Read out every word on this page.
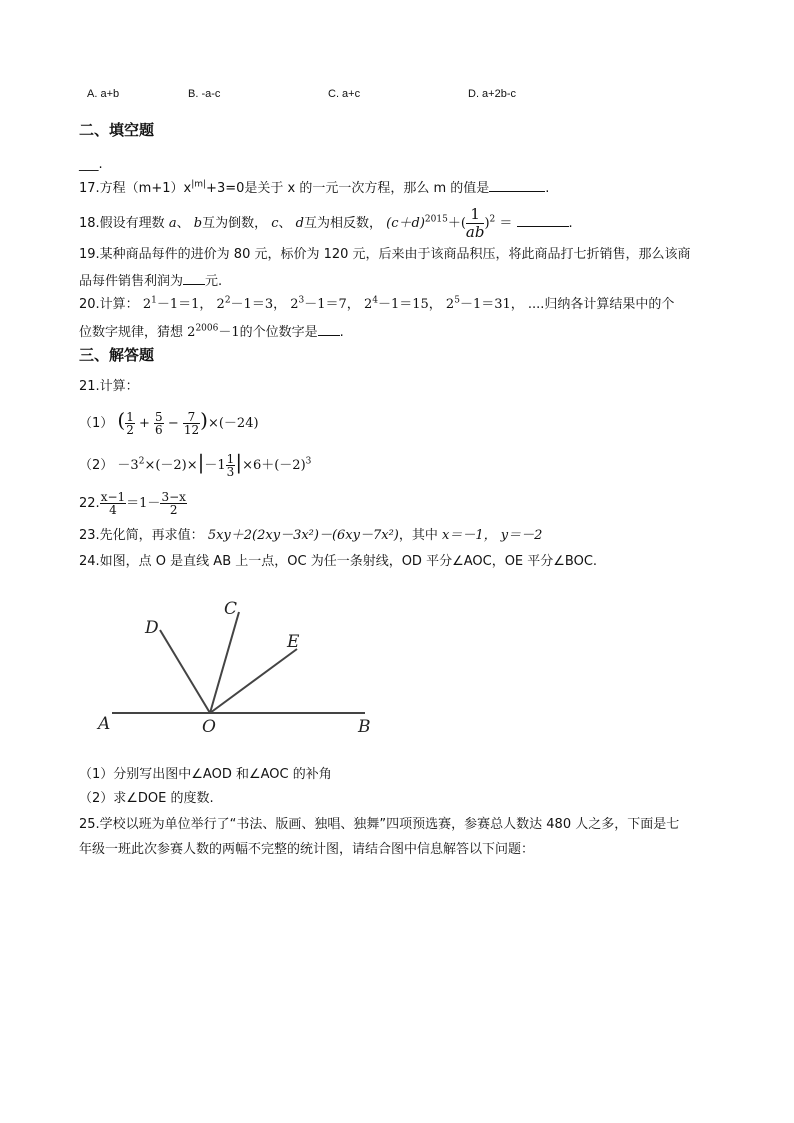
A. a+b	B. -a-c	C. a+c	D. a+2b-c
二、填空题
___.
17.方程$(m+1)x^{|m|}+3=0$是关于 x 的一元一次方程，那么 m 的值是	.
18.假设有理数 a、 b互为倒数， c、 d互为相反数， $(c+d)^{2015}+( \frac{1}{ab} )^2$ ＝	.
19.某种商品每件的进价为 80 元，标价为 120 元，后来由于该商品积压，将此商品打七折销售，那么该商
品每件销售利润为 元.
20.计算： $2^1-1=1$， $2^2-1=3$， $2^3-1=7$， $2^4-1=15$， $2^5-1=31$， ....归纳各计算结果中的个
位数字规律，猜想 $2^{2006}-1$的个位数字是 .
三、解答题
21.计算：
（1） ( $\frac{1}{2} + \frac{5}{6} - \frac{7}{12} )\times(-24)$
$(2) -3^2\times(-2)\times|-1 \frac{1}{3} |\times 6+(-2)^3$
22. $\frac{x-1}{4} =1- \frac{3-x}{2}$
23.先化简，再求值： 5xy＋2(2xy－3x²)－(6xy－7x²)，其中 x＝－1， y＝－2
24.如图，点 O 是直线 AB 上一点，OC 为任一条射线，OD 平分∠AOC，OE 平分∠BOC.
A	O	B
D
C
E
（1）分别写出图中∠AOD 和∠AOC 的补角
（2）求∠DOE 的度数.
25.学校以班为单位举行了“书法、版画、独唱、独舞”四项预选赛，参赛总人数达 480 人之多，下面是七
年级一班此次参赛人数的两幅不完整的统计图，请结合图中信息解答以下问题：
